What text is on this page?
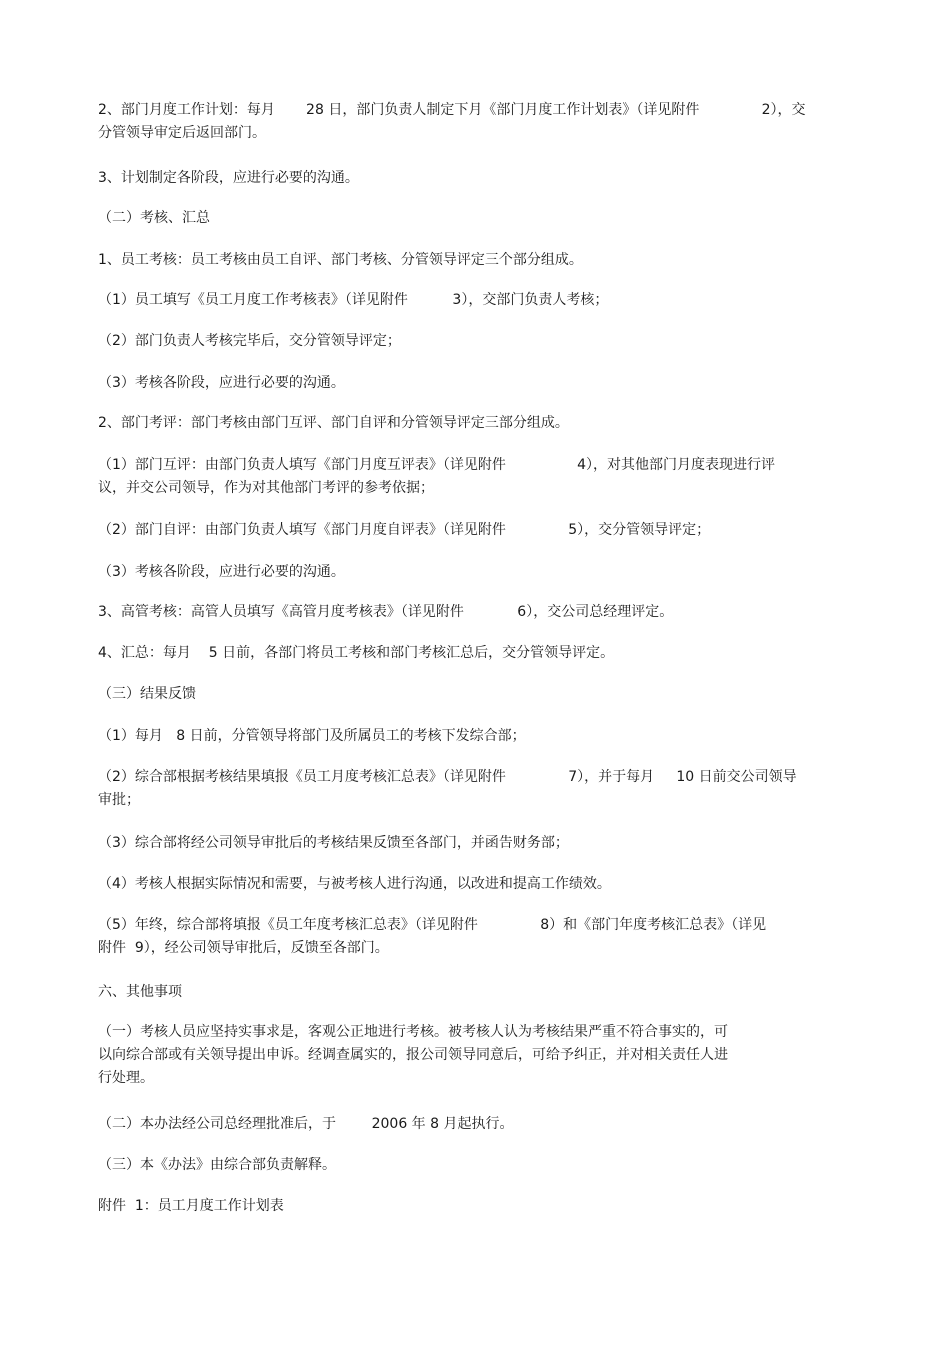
2、部门月度工作计划：每月       28 日，部门负责人制定下月《部门月度工作计划表》（详见附件              2），交
分管领导审定后返回部门。

3、计划制定各阶段，应进行必要的沟通。

（二）考核、汇总

1、员工考核：员工考核由员工自评、部门考核、分管领导评定三个部分组成。

（1）员工填写《员工月度工作考核表》（详见附件          3），交部门负责人考核；

（2）部门负责人考核完毕后，交分管领导评定；

（3）考核各阶段，应进行必要的沟通。

2、部门考评：部门考核由部门互评、部门自评和分管领导评定三部分组成。

（1）部门互评：由部门负责人填写《部门月度互评表》（详见附件                4），对其他部门月度表现进行评
议，并交公司领导，作为对其他部门考评的参考依据；

（2）部门自评：由部门负责人填写《部门月度自评表》（详见附件              5），交分管领导评定；

（3）考核各阶段，应进行必要的沟通。

3、高管考核：高管人员填写《高管月度考核表》（详见附件            6），交公司总经理评定。

4、汇总：每月    5 日前，各部门将员工考核和部门考核汇总后，交分管领导评定。

（三）结果反馈

（1）每月   8 日前，分管领导将部门及所属员工的考核下发综合部；

（2）综合部根据考核结果填报《员工月度考核汇总表》（详见附件              7），并于每月     10 日前交公司领导
审批；

（3）综合部将经公司领导审批后的考核结果反馈至各部门，并函告财务部；

（4）考核人根据实际情况和需要，与被考核人进行沟通，以改进和提高工作绩效。

（5）年终，综合部将填报《员工年度考核汇总表》（详见附件              8）和《部门年度考核汇总表》（详见
附件  9），经公司领导审批后，反馈至各部门。

六、其他事项

（一）考核人员应坚持实事求是，客观公正地进行考核。被考核人认为考核结果严重不符合事实的，可
以向综合部或有关领导提出申诉。经调查属实的，报公司领导同意后，可给予纠正，并对相关责任人进
行处理。

（二）本办法经公司总经理批准后，于        2006 年 8 月起执行。

（三）本《办法》由综合部负责解释。

附件  1：员工月度工作计划表
